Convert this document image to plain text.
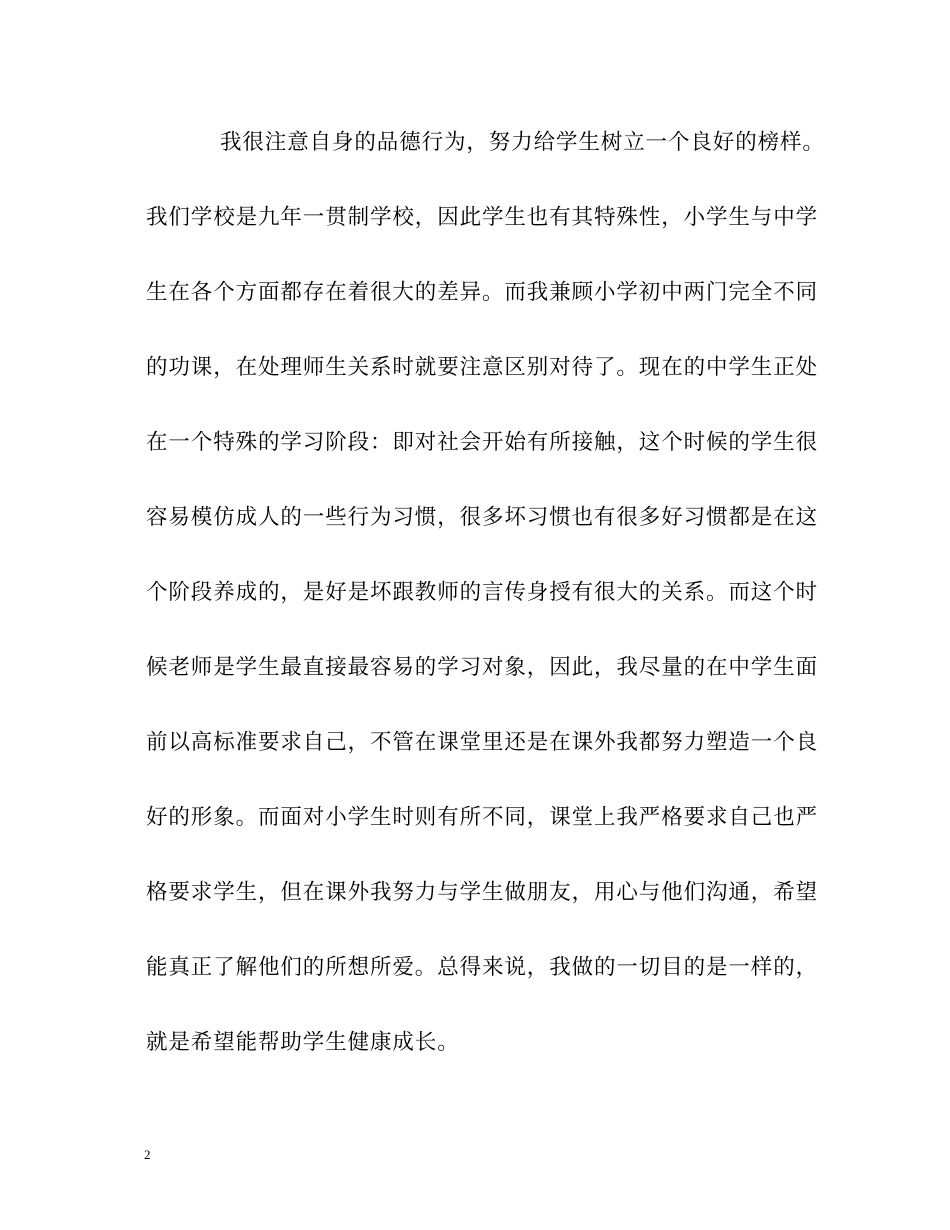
我很注意自身的品德行为，努力给学生树立一个良好的榜样。
我们学校是九年一贯制学校，因此学生也有其特殊性，小学生与中学
生在各个方面都存在着很大的差异。而我兼顾小学初中两门完全不同
的功课，在处理师生关系时就要注意区别对待了。现在的中学生正处
在一个特殊的学习阶段：即对社会开始有所接触，这个时候的学生很
容易模仿成人的一些行为习惯，很多坏习惯也有很多好习惯都是在这
个阶段养成的，是好是坏跟教师的言传身授有很大的关系。而这个时
候老师是学生最直接最容易的学习对象，因此，我尽量的在中学生面
前以高标准要求自己，不管在课堂里还是在课外我都努力塑造一个良
好的形象。而面对小学生时则有所不同，课堂上我严格要求自己也严
格要求学生，但在课外我努力与学生做朋友，用心与他们沟通，希望
能真正了解他们的所想所爱。总得来说，我做的一切目的是一样的，
就是希望能帮助学生健康成长。
2
